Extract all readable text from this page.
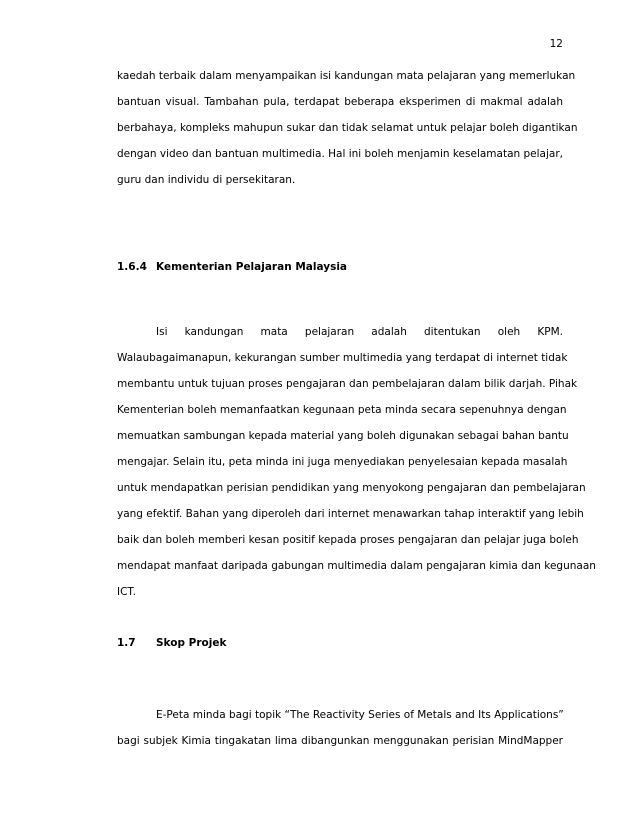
12
kaedah terbaik dalam menyampaikan isi kandungan mata pelajaran yang memerlukan
bantuan visual. Tambahan pula, terdapat beberapa eksperimen di makmal adalah
berbahaya, kompleks mahupun sukar dan tidak selamat untuk pelajar boleh digantikan
dengan video dan bantuan multimedia. Hal ini boleh menjamin keselamatan pelajar,
guru dan individu di persekitaran.
1.6.4 Kementerian Pelajaran Malaysia
Isi kandungan mata pelajaran adalah ditentukan oleh KPM.
Walaubagaimanapun, kekurangan sumber multimedia yang terdapat di internet tidak
membantu untuk tujuan proses pengajaran dan pembelajaran dalam bilik darjah. Pihak
Kementerian boleh memanfaatkan kegunaan peta minda secara sepenuhnya dengan
memuatkan sambungan kepada material yang boleh digunakan sebagai bahan bantu
mengajar. Selain itu, peta minda ini juga menyediakan penyelesaian kepada masalah
untuk mendapatkan perisian pendidikan yang menyokong pengajaran dan pembelajaran
yang efektif. Bahan yang diperoleh dari internet menawarkan tahap interaktif yang lebih
baik dan boleh memberi kesan positif kepada proses pengajaran dan pelajar juga boleh
mendapat manfaat daripada gabungan multimedia dalam pengajaran kimia dan kegunaan
ICT.
1.7 Skop Projek
E-Peta minda bagi topik “The Reactivity Series of Metals and Its Applications”
bagi subjek Kimia tingakatan lima dibangunkan menggunakan perisian MindMapper
